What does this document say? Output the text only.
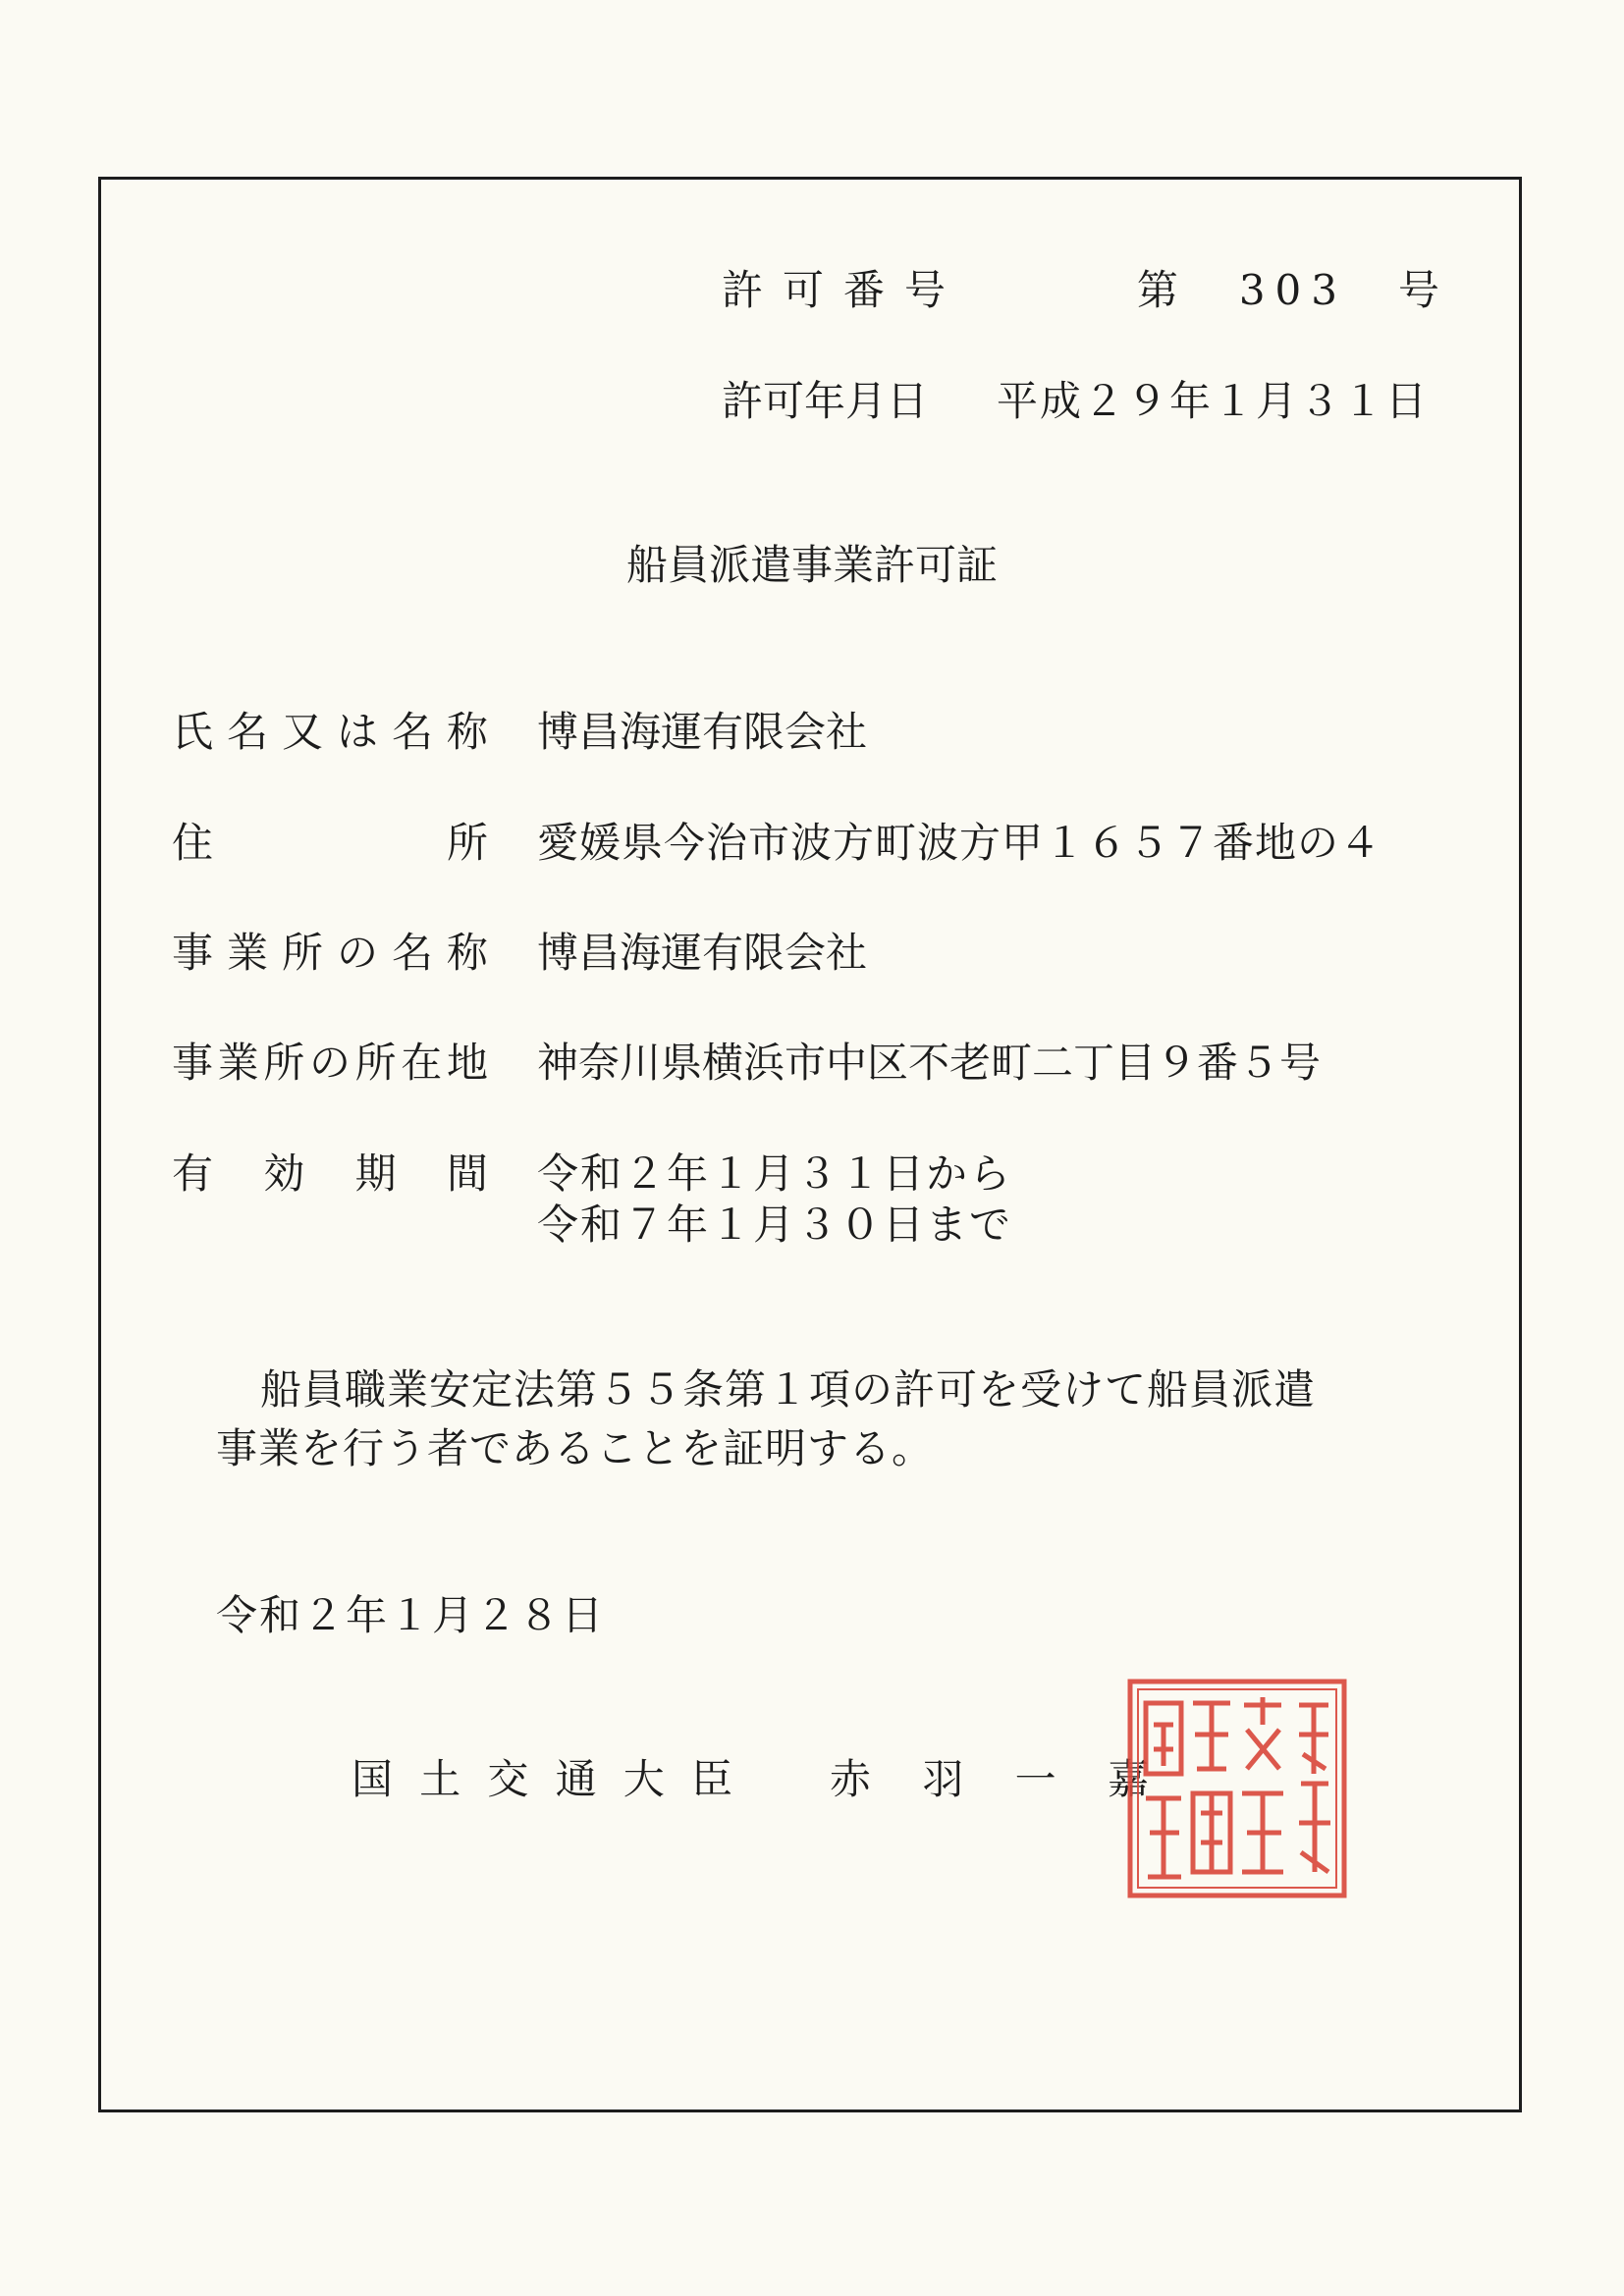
許可番号	第　303　号
許可年月日 平成２９年１月３１日
船員派遣事業許可証
氏 名 又 は 名 称 博昌海運有限会社
住	所 愛媛県今治市波方町波方甲１６５７番地の４
事 業 所 の 名 称 博昌海運有限会社
事 業 所 の 所 在 地 神奈川県横浜市中区不老町二丁目９番５号
有 効 期 間 令和２年１月３１日から
令和７年１月３０日まで
船員職業安定法第５５条第１項の許可を受けて船員派遣
事業を行う者であることを証明する。
令和２年１月２８日
国 土 交 通 大 臣 赤 羽 一 嘉
